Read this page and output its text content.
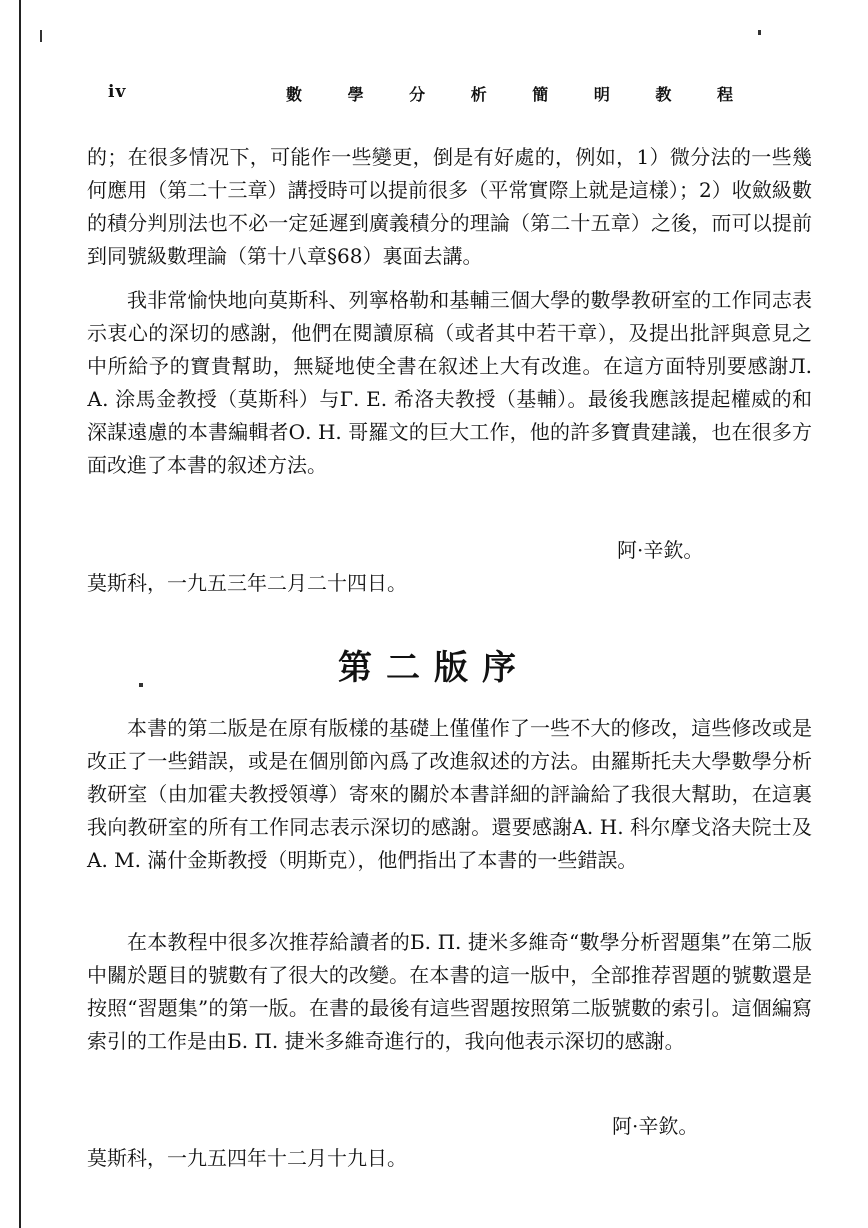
iv	數 學 分 析 簡 明 教 程

的；在很多情况下，可能作一些變更，倒是有好處的，例如，1）微分法的一些幾何應用（第二十三章）講授時可以提前很多（平常實際上就是這樣）；2）收斂級數的積分判別法也不必一定延遲到廣義積分的理論（第二十五章）之後，而可以提前到同號級數理論（第十八章§68）裏面去講。

我非常愉快地向莫斯科、列寧格勒和基輔三個大學的數學教研室的工作同志表示衷心的深切的感謝，他們在閱讀原稿（或者其中若干章），及提出批評與意見之中所給予的寶貴幫助，無疑地使全書在叙述上大有改進。在這方面特別要感謝Л. А. 涂馬金教授（莫斯科）与Г. Е. 希洛夫教授（基輔）。最後我應該提起權威的和深謀遠慮的本書編輯者О. Н. 哥羅文的巨大工作，他的許多寶貴建議，也在很多方面改進了本書的叙述方法。

阿·辛欽。
莫斯科，一九五三年二月二十四日。
第二版序

本書的第二版是在原有版樣的基礎上僅僅作了一些不大的修改，這些修改或是改正了一些錯誤，或是在個別節內爲了改進叙述的方法。由羅斯托夫大學數學分析教研室（由加霍夫教授領導）寄來的關於本書詳細的評論給了我很大幫助，在這裏我向教研室的所有工作同志表示深切的感謝。還要感謝A. H. 科尔摩戈洛夫院士及A. M. 滿什金斯教授（明斯克），他們指出了本書的一些錯誤。

在本教程中很多次推荐給讀者的Б. П. 捷米多維奇“數學分析習題集”在第二版中關於題目的號數有了很大的改變。在本書的這一版中，全部推荐習題的號數還是按照“習題集”的第一版。在書的最後有這些習題按照第二版號數的索引。這個編寫索引的工作是由Б. П. 捷米多維奇進行的，我向他表示深切的感謝。

阿·辛欽。
莫斯科，一九五四年十二月十九日。
